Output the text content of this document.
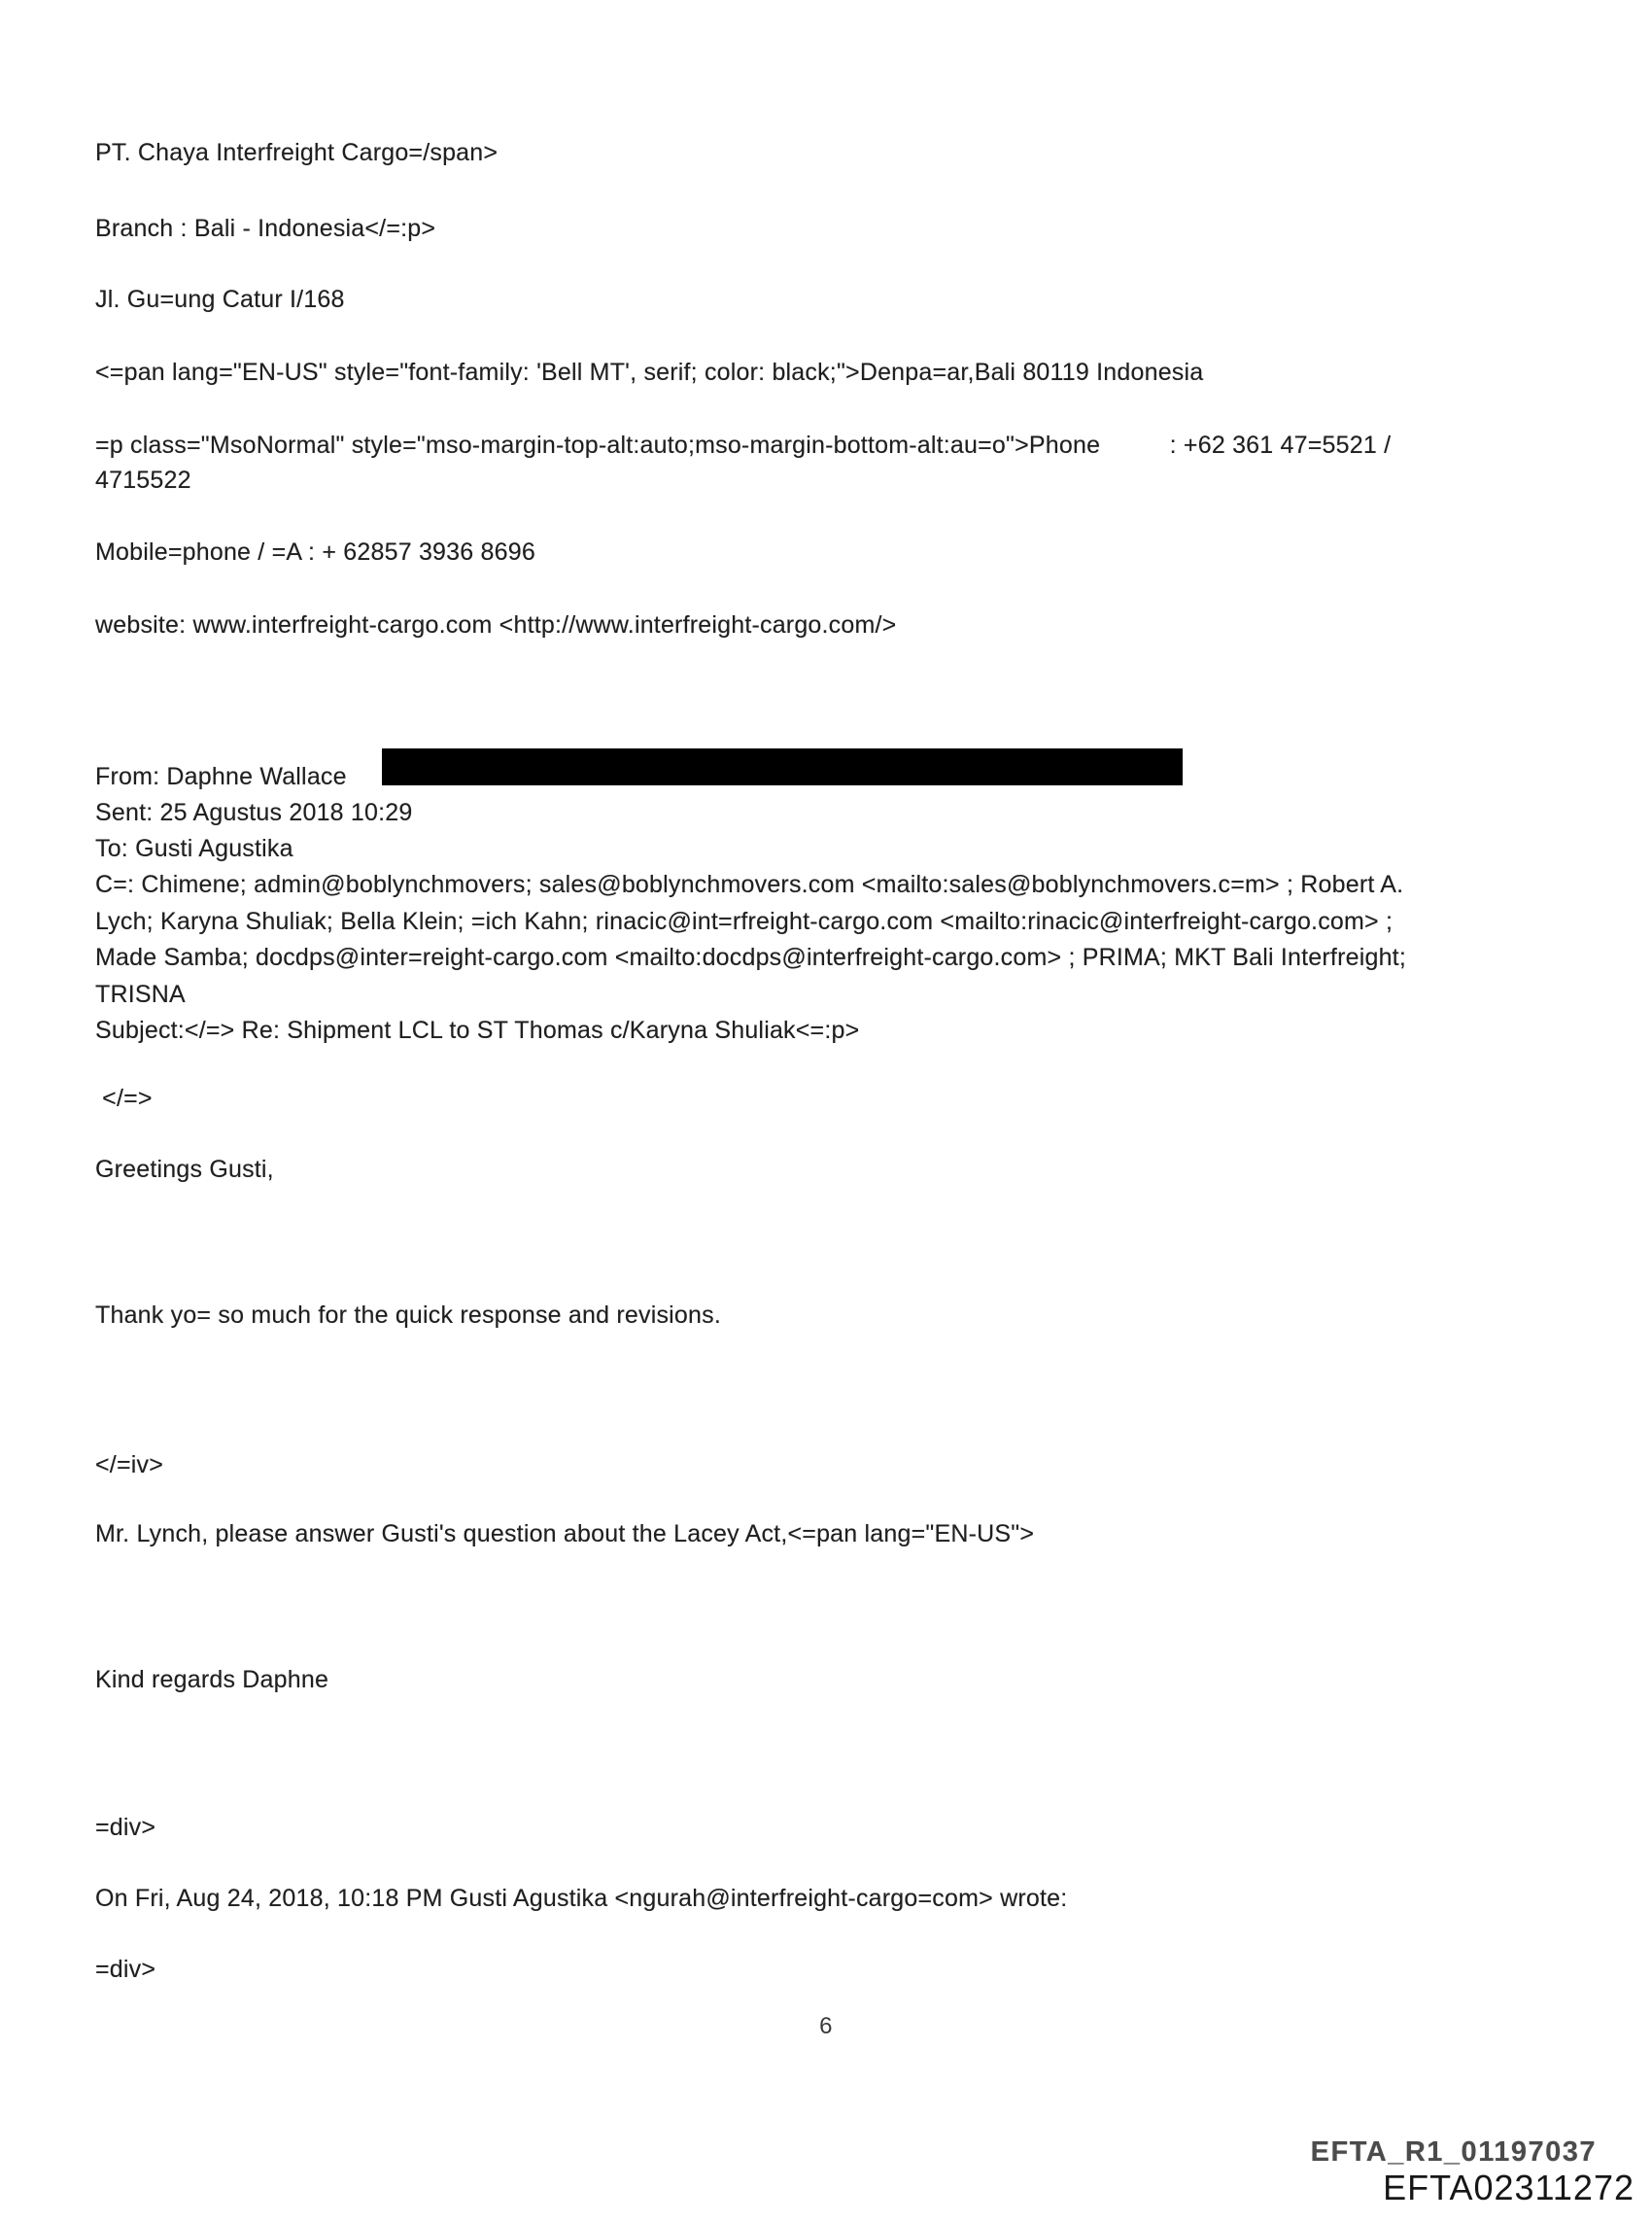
PT. Chaya Interfreight Cargo=/span>
Branch : Bali - Indonesia</=:p>
Jl. Gu=ung Catur I/168
<=pan lang="EN-US" style="font-family: 'Bell MT', serif; color: black;">Denpa=ar,Bali 80119 Indonesia
=p class="MsoNormal" style="mso-margin-top-alt:auto;mso-margin-bottom-alt:au=o">Phone          : +62 361 47=5521 /
4715522
Mobile=phone / =A : + 62857 3936 8696
website: www.interfreight-cargo.com <http://www.interfreight-cargo.com/>
From: Daphne Wallace
Sent: 25 Agustus 2018 10:29
To: Gusti Agustika
C=: Chimene; admin@boblynchmovers; sales@boblynchmovers.com <mailto:sales@boblynchmovers.c=m> ; Robert A.
Lych; Karyna Shuliak; Bella Klein; =ich Kahn; rinacic@int=rfreight-cargo.com <mailto:rinacic@interfreight-cargo.com> ;
Made Samba; docdps@inter=reight-cargo.com <mailto:docdps@interfreight-cargo.com> ; PRIMA; MKT Bali Interfreight;
TRISNA
Subject:</=> Re: Shipment LCL to ST Thomas c/Karyna Shuliak<=:p>
</=>
Greetings Gusti,
Thank yo= so much for the quick response and revisions.
</=iv>
Mr. Lynch, please answer Gusti's question about the Lacey Act,<=pan lang="EN-US">
Kind regards Daphne
=div>
On Fri, Aug 24, 2018, 10:18 PM Gusti Agustika <ngurah@interfreight-cargo=com> wrote:
=div>
6
EFTA_R1_01197037
EFTA02311272
